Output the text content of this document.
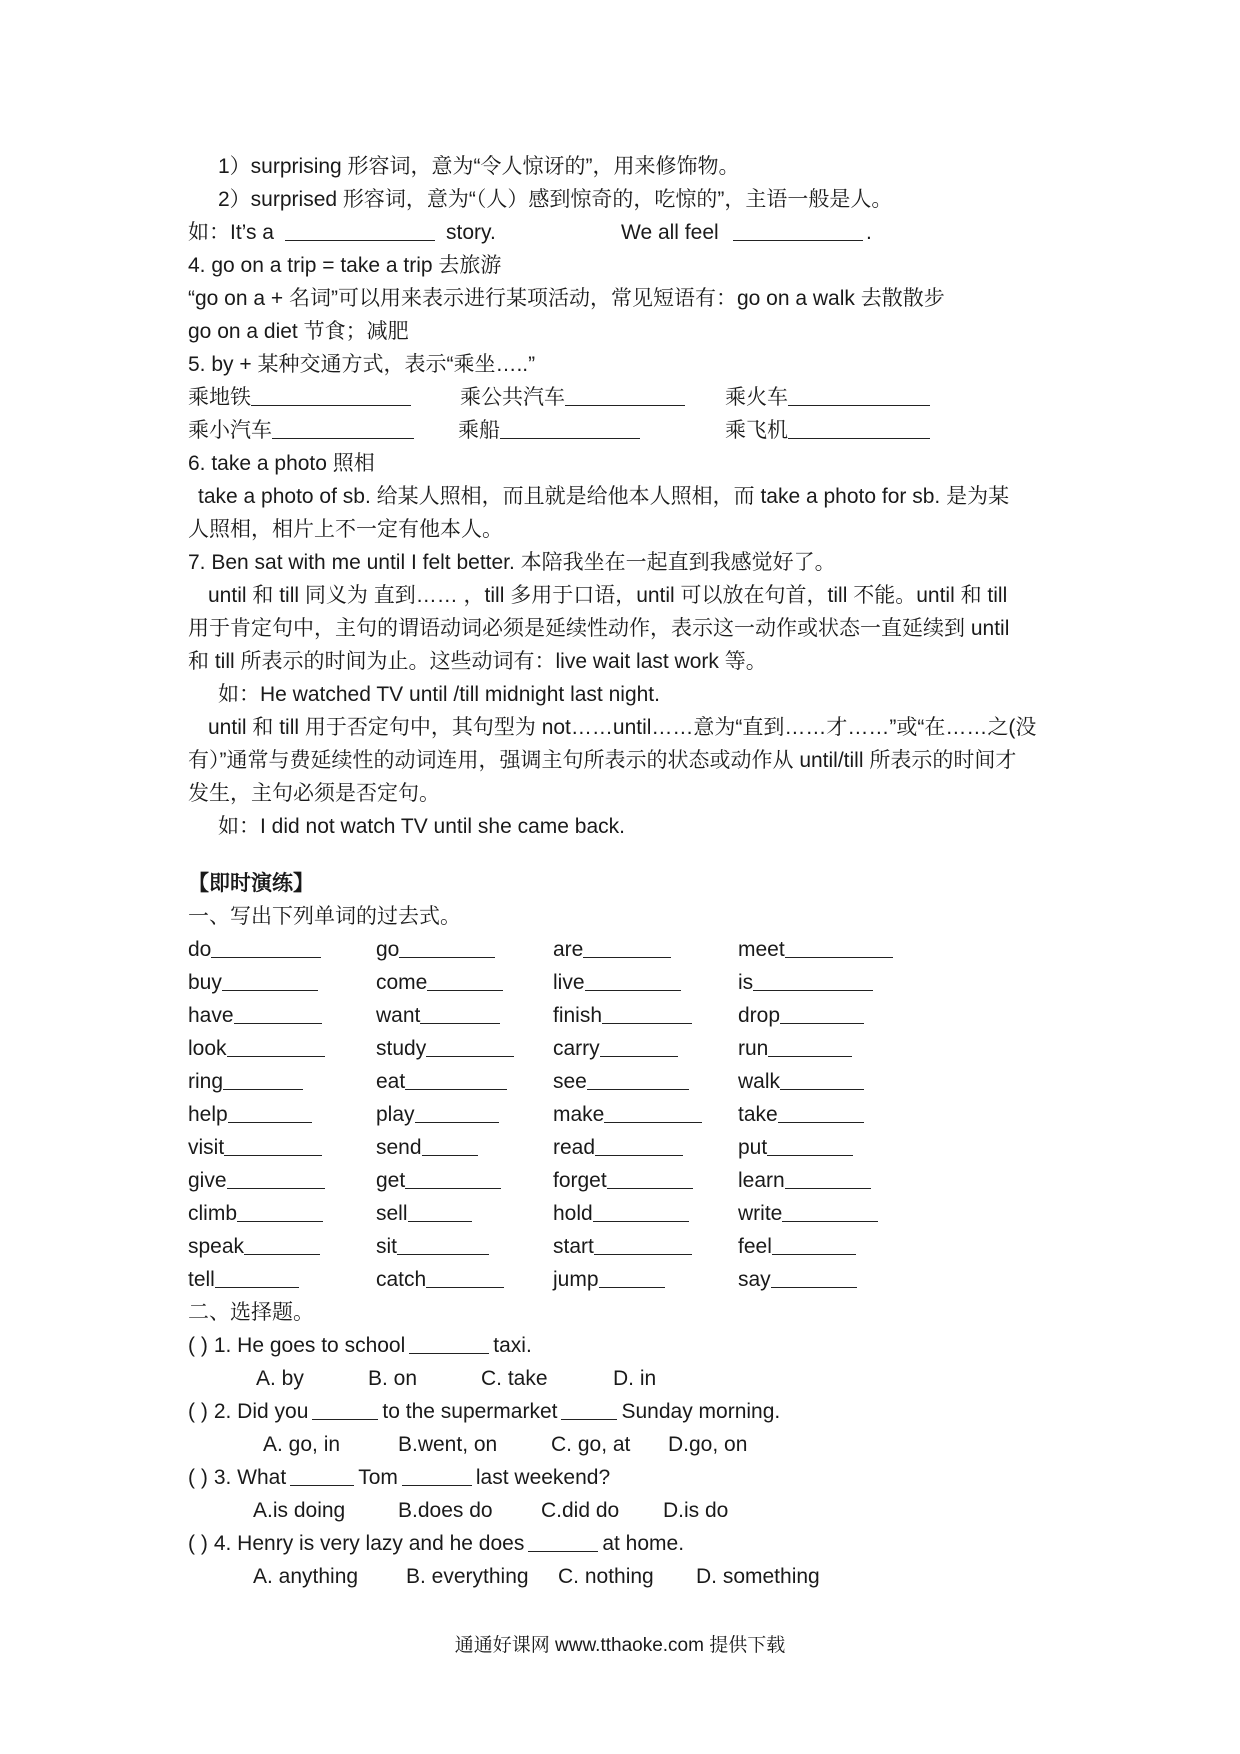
1）surprising 形容词，意为“令人惊讶的”，用来修饰物。
2）surprised 形容词，意为“（人）感到惊奇的，吃惊的”，主语一般是人。
如：It’s a	story.	We all feel	.
4. go on a trip = take a trip 去旅游
“go on a + 名词”可以用来表示进行某项活动，常见短语有：go on a walk 去散散步
go on a diet 节食；减肥
5. by + 某种交通方式，表示“乘坐…..”
乘地铁	乘公共汽车	乘火车
乘小汽车	乘船	乘飞机
6. take a photo 照相
take a photo of sb. 给某人照相，而且就是给他本人照相，而 take a photo for sb. 是为某
人照相，相片上不一定有他本人。
7. Ben sat with me until I felt better. 本陪我坐在一起直到我感觉好了。
until 和 till 同义为 直到…… ，till 多用于口语，until 可以放在句首，till 不能。until 和 till
用于肯定句中，主句的谓语动词必须是延续性动作，表示这一动作或状态一直延续到 until
和 till 所表示的时间为止。这些动词有：live wait last work 等。
如：He watched TV until /till midnight last night.
until 和 till 用于否定句中，其句型为 not……until……意为“直到……才……”或“在……之(没
有）”通常与费延续性的动词连用，强调主句所表示的状态或动作从 until/till 所表示的时间才
发生，主句必须是否定句。
如：I did not watch TV until she came back.
【即时演练】
一、写出下列单词的过去式。
do	go	are	meet
buy	come	live	is
have	want	finish	drop
look	study	carry	run
ring	eat	see	walk
help	play	make	take
visit	send	read	put
give	get	forget	learn
climb	sell	hold	write
speak	sit	start	feel
tell	catch	jump	say
二、选择题。
( ) 1. He goes to school	taxi.
A. by	B. on	C. take	D. in
( ) 2. Did you	to the supermarket	Sunday morning.
A. go, in	B.went, on	C. go, at D.go, on
( ) 3. What	Tom	last weekend?
A.is doing	B.does do C.did do D.is do
( ) 4. Henry is very lazy and he does	at home.
A. anything B. everything C. nothing D. something
通通好课网 www.tthaoke.com 提供下载
